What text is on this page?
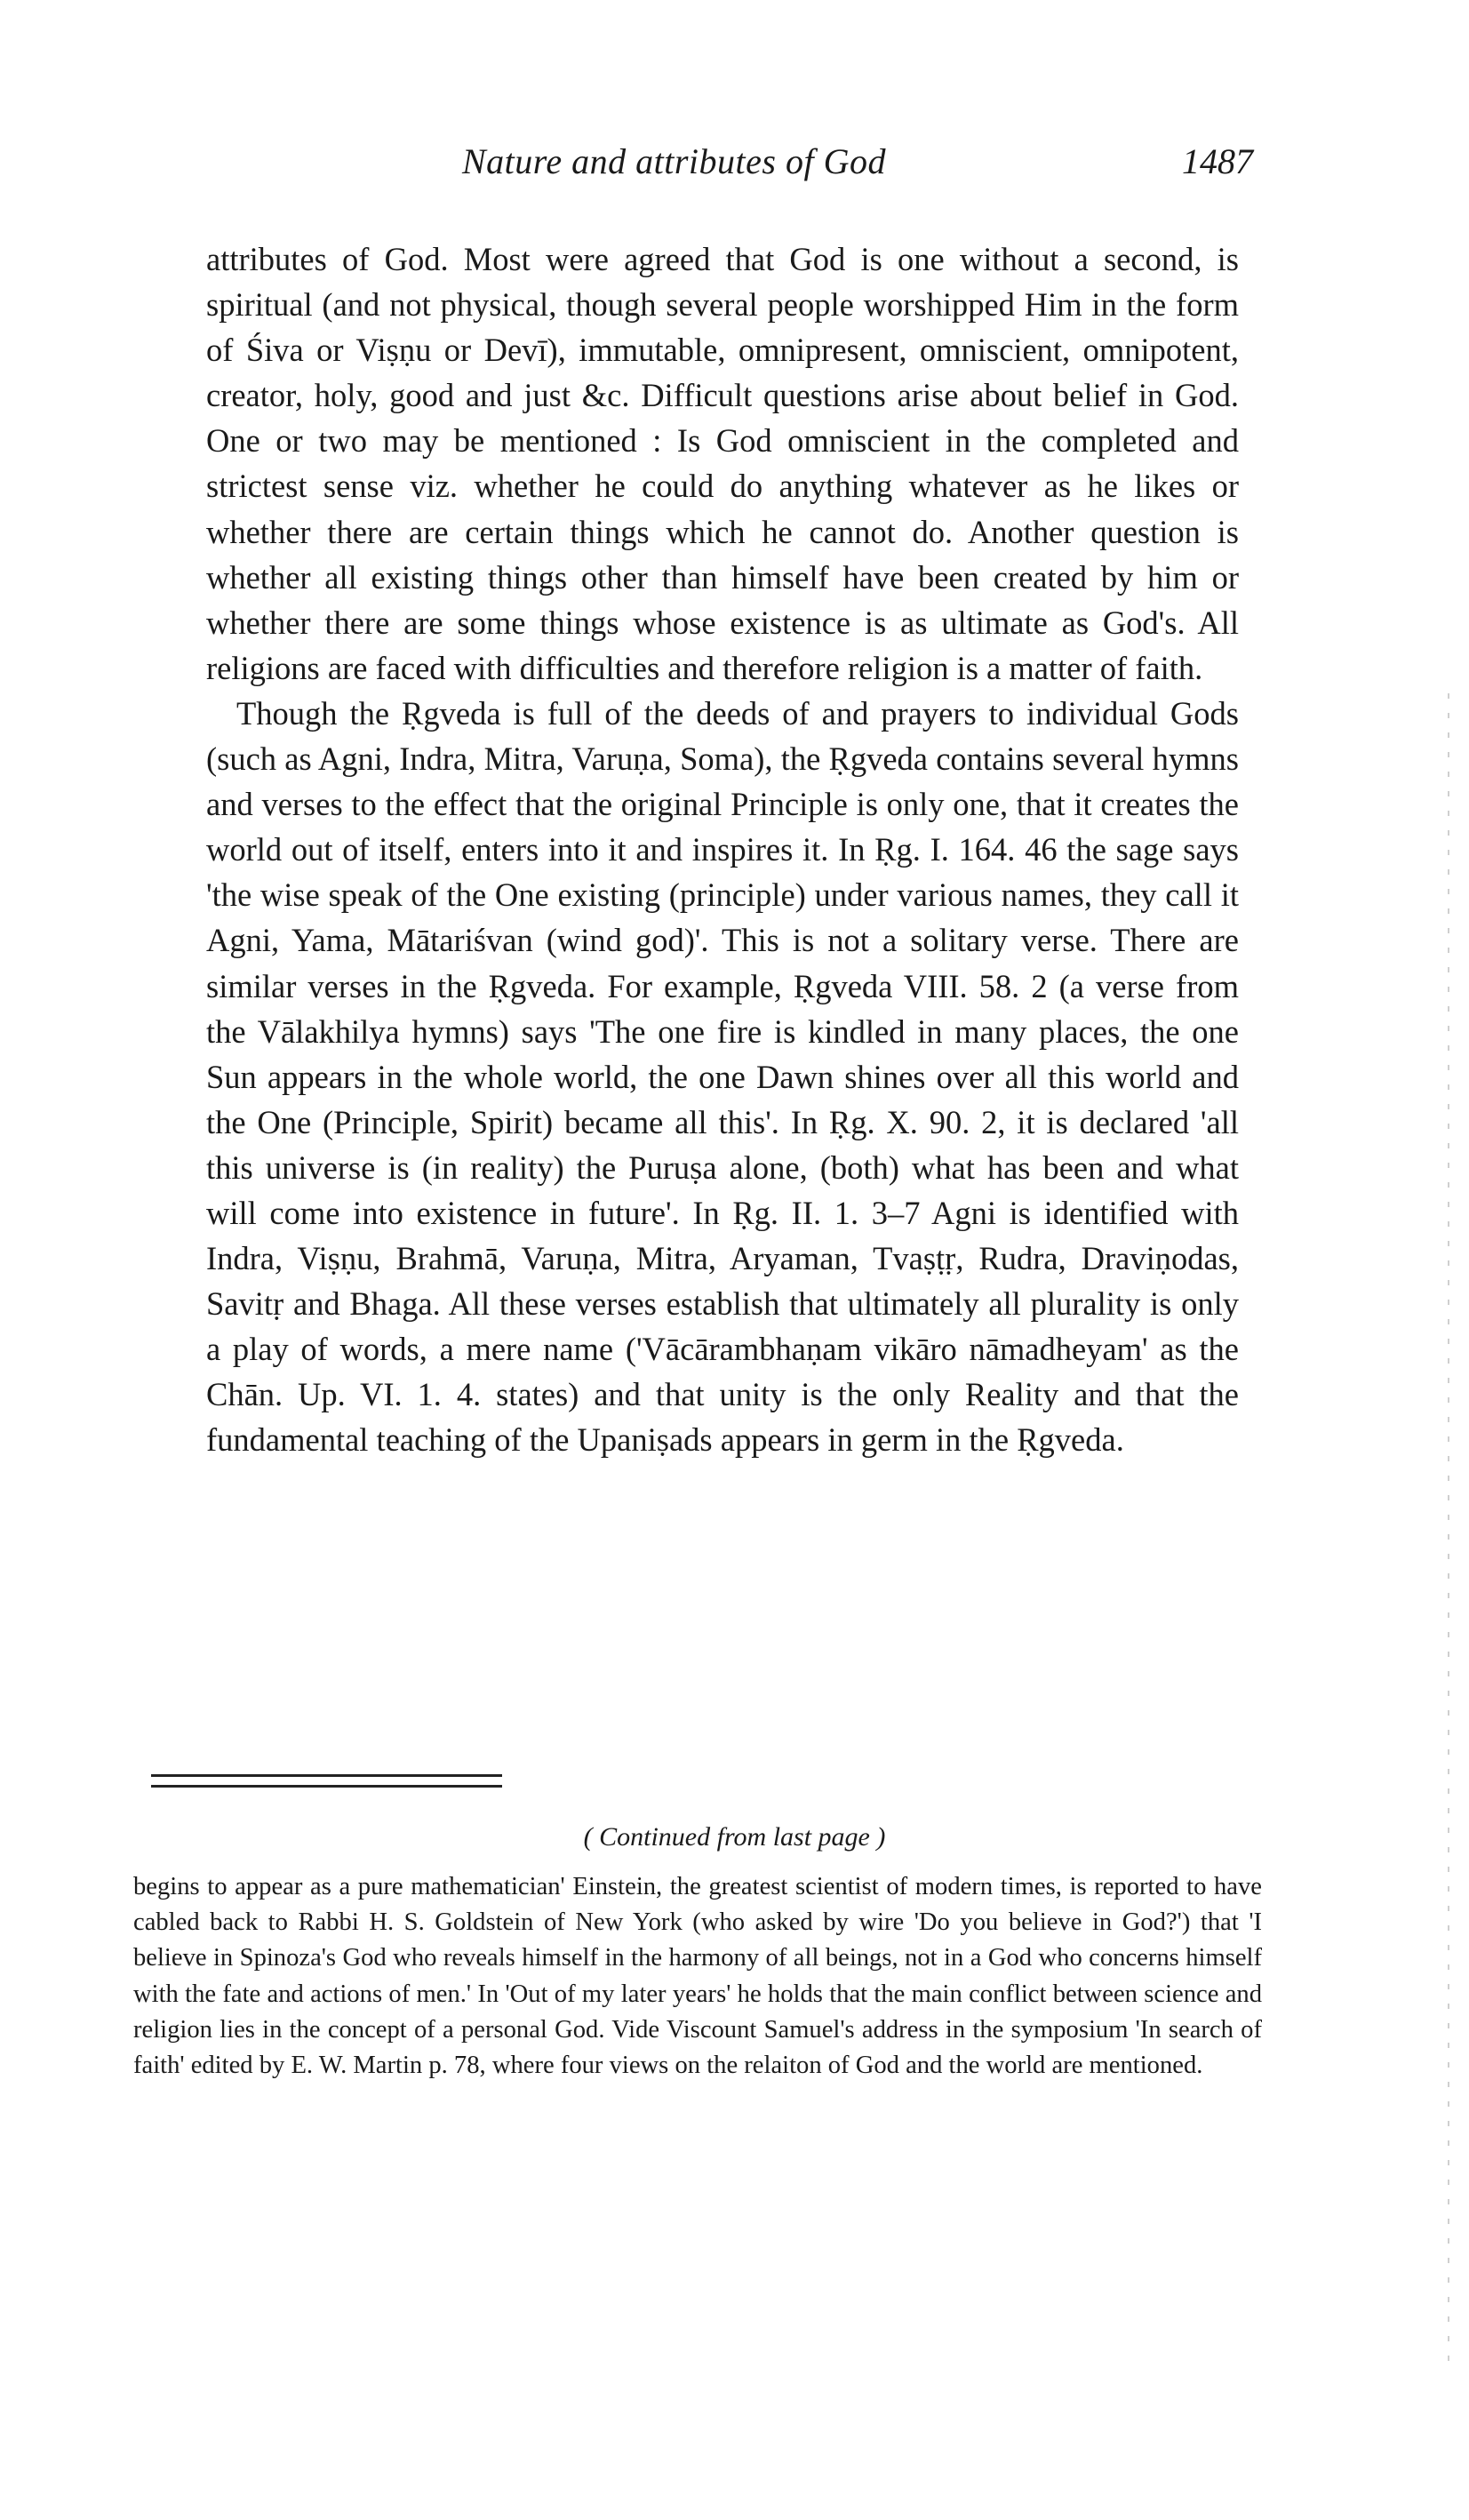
Nature and attributes of God	1487

attributes of God. Most were agreed that God is one without a second, is spiritual (and not physical, though several people worshipped Him in the form of Śiva or Viṣṇu or Devī), immutable, omnipresent, omniscient, omnipotent, creator, holy, good and just &c. Difficult questions arise about belief in God. One or two may be mentioned : Is God omniscient in the completed and strictest sense viz. whether he could do anything whatever as he likes or whether there are certain things which he cannot do. Another question is whether all existing things other than himself have been created by him or whether there are some things whose existence is as ultimate as God's. All religions are faced with difficulties and therefore religion is a matter of faith.

Though the Ṛgveda is full of the deeds of and prayers to individual Gods (such as Agni, Indra, Mitra, Varuṇa, Soma), the Ṛgveda contains several hymns and verses to the effect that the original Principle is only one, that it creates the world out of itself, enters into it and inspires it. In Ṛg. I. 164. 46 the sage says 'the wise speak of the One existing (principle) under various names, they call it Agni, Yama, Mātariśvan (wind god)'. This is not a solitary verse. There are similar verses in the Ṛgveda. For example, Ṛgveda VIII. 58. 2 (a verse from the Vālakhilya hymns) says 'The one fire is kindled in many places, the one Sun appears in the whole world, the one Dawn shines over all this world and the One (Principle, Spirit) became all this'. In Ṛg. X. 90. 2, it is declared 'all this universe is (in reality) the Puruṣa alone, (both) what has been and what will come into existence in future'. In Ṛg. II. 1. 3–7 Agni is identified with Indra, Viṣṇu, Brahmā, Varuṇa, Mitra, Aryaman, Tvaṣṭṛ, Rudra, Draviṇodas, Savitṛ and Bhaga. All these verses establish that ultimately all plurality is only a play of words, a mere name ('Vācārambhaṇam vikāro nāmadheyam' as the Chān. Up. VI. 1. 4. states) and that unity is the only Reality and that the fundamental teaching of the Upaniṣads appears in germ in the Ṛgveda.

( Continued from last page )

begins to appear as a pure mathematician' Einstein, the greatest scientist of modern times, is reported to have cabled back to Rabbi H. S. Goldstein of New York (who asked by wire 'Do you believe in God?') that 'I believe in Spinoza's God who reveals himself in the harmony of all beings, not in a God who concerns himself with the fate and actions of men.' In 'Out of my later years' he holds that the main conflict between science and religion lies in the concept of a personal God. Vide Viscount Samuel's address in the symposium 'In search of faith' edited by E. W. Martin p. 78, where four views on the relaiton of God and the world are mentioned.
